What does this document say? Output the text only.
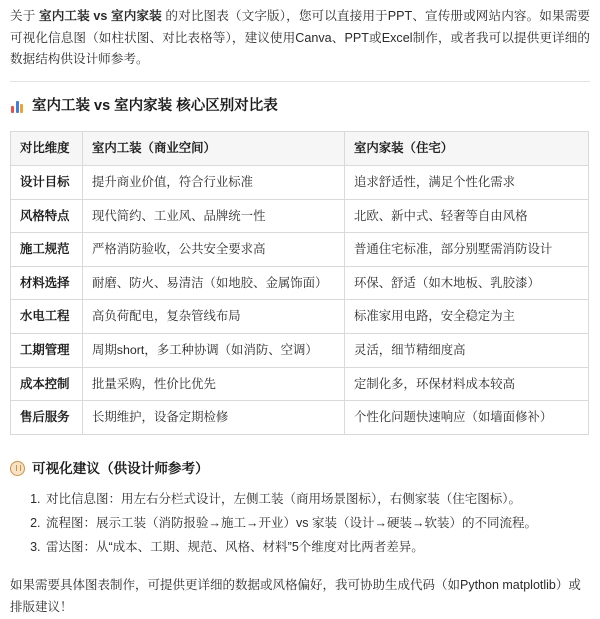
关于 室内工装 vs 室内家装 的对比图表（文字版），您可以直接用于PPT、宣传册或网站内容。如果需要可视化信息图（如柱状图、对比表格等），建议使用Canva、PPT或Excel制作，或者我可以提供更详细的数据结构供设计师参考。

室内工装 vs 室内家装 核心区别对比表
对比维度	室内工装（商业空间）	室内家装（住宅）
设计目标	提升商业价值，符合行业标准	追求舒适性，满足个性化需求
风格特点	现代简约、工业风、品牌统一性	北欧、新中式、轻奢等自由风格
施工规范	严格消防验收，公共安全要求高	普通住宅标准，部分别墅需消防设计
材料选择	耐磨、防火、易清洁（如地胶、金属饰面）	环保、舒适（如木地板、乳胶漆）
水电工程	高负荷配电，复杂管线布局	标准家用电路，安全稳定为主
工期管理	周期short，多工种协调（如消防、空调）	灵活，细节精细度高
成本控制	批量采购，性价比优先	定制化多，环保材料成本较高
售后服务	长期维护，设备定期检修	个性化问题快速响应（如墙面修补）
可视化建议（供设计师参考）
1. 对比信息图：用左右分栏式设计，左侧工装（商用场景图标），右侧家装（住宅图标）。
2. 流程图：展示工装（消防报验→施工→开业）vs 家装（设计→硬装→软装）的不同流程。
3. 雷达图：从“成本、工期、规范、风格、材料”5个维度对比两者差异。

如果需要具体图表制作，可提供更详细的数据或风格偏好，我可协助生成代码（如Python matplotlib）或排版建议！
